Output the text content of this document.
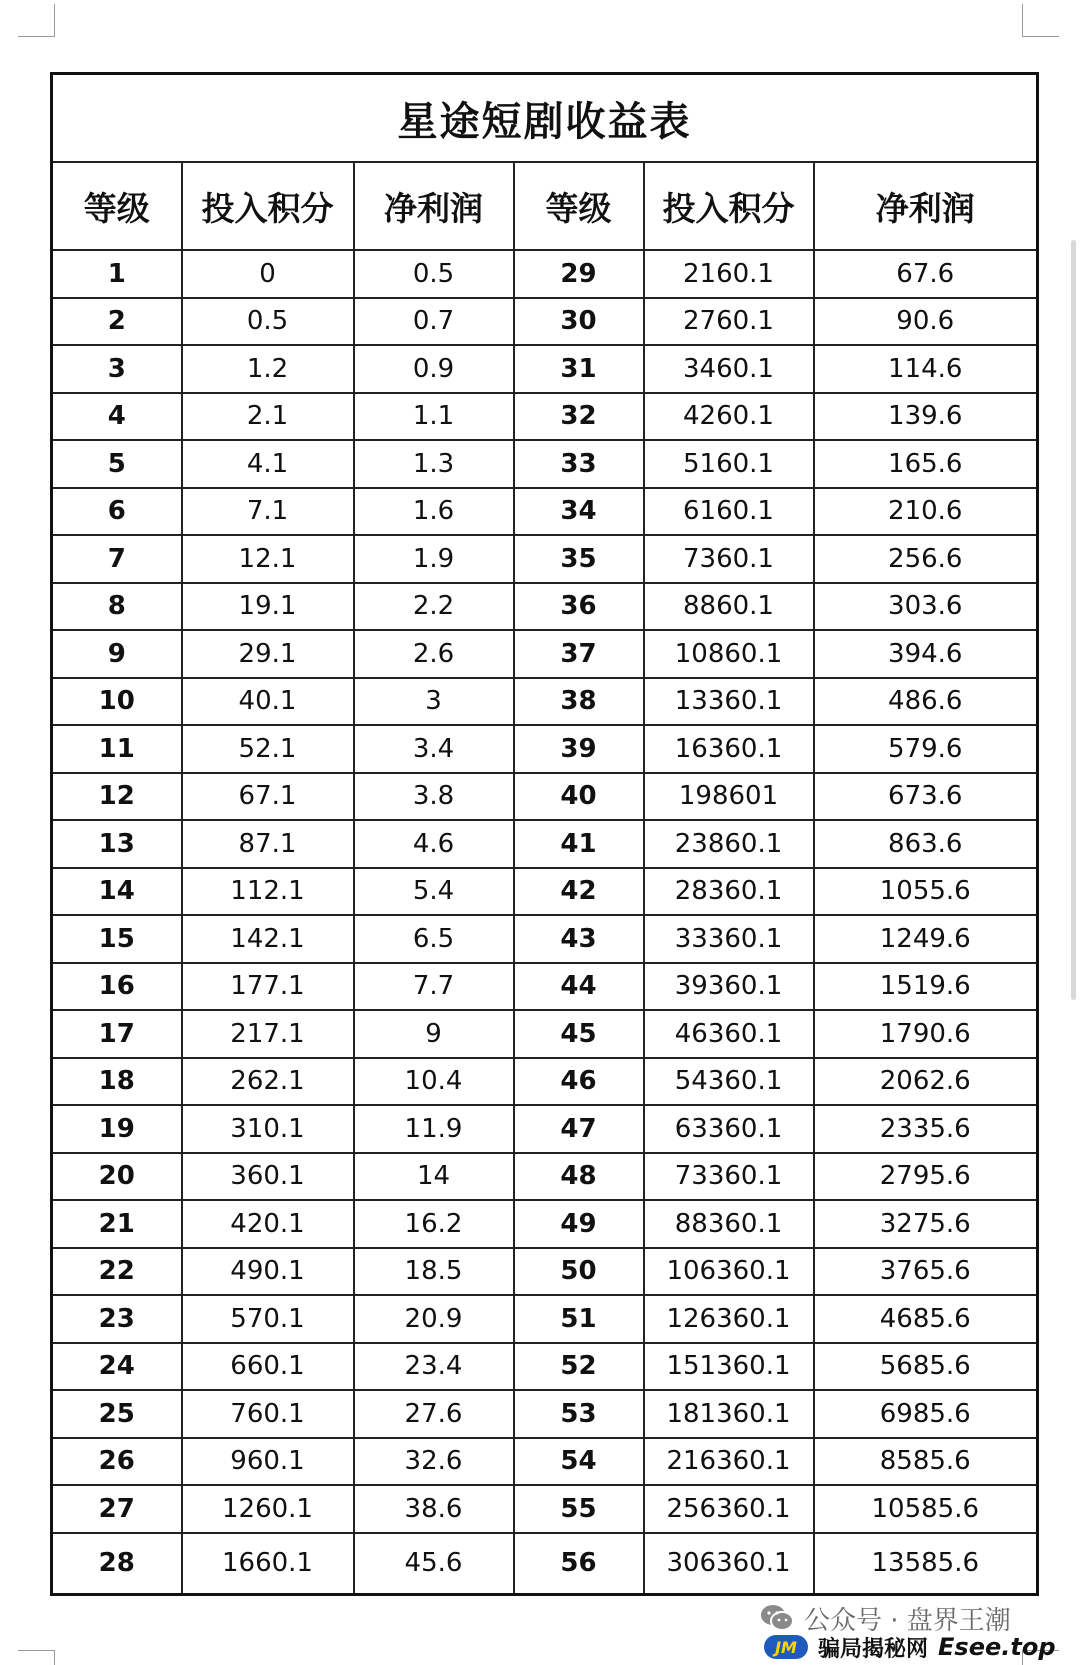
星途短剧收益表					
等级	投入积分	净利润	等级	投入积分	净利润
1	0	0.5	29	2160.1	67.6
2	0.5	0.7	30	2760.1	90.6
3	1.2	0.9	31	3460.1	114.6
4	2.1	1.1	32	4260.1	139.6
5	4.1	1.3	33	5160.1	165.6
6	7.1	1.6	34	6160.1	210.6
7	12.1	1.9	35	7360.1	256.6
8	19.1	2.2	36	8860.1	303.6
9	29.1	2.6	37	10860.1	394.6
10	40.1	3	38	13360.1	486.6
11	52.1	3.4	39	16360.1	579.6
12	67.1	3.8	40	198601	673.6
13	87.1	4.6	41	23860.1	863.6
14	112.1	5.4	42	28360.1	1055.6
15	142.1	6.5	43	33360.1	1249.6
16	177.1	7.7	44	39360.1	1519.6
17	217.1	9	45	46360.1	1790.6
18	262.1	10.4	46	54360.1	2062.6
19	310.1	11.9	47	63360.1	2335.6
20	360.1	14	48	73360.1	2795.6
21	420.1	16.2	49	88360.1	3275.6
22	490.1	18.5	50	106360.1	3765.6
23	570.1	20.9	51	126360.1	4685.6
24	660.1	23.4	52	151360.1	5685.6
25	760.1	27.6	53	181360.1	6985.6
26	960.1	32.6	54	216360.1	8585.6
27	1260.1	38.6	55	256360.1	10585.6
28	1660.1	45.6	56	306360.1	13585.6
公众号 · 盘界王潮
JM 骗局揭秘网 Esee.top
